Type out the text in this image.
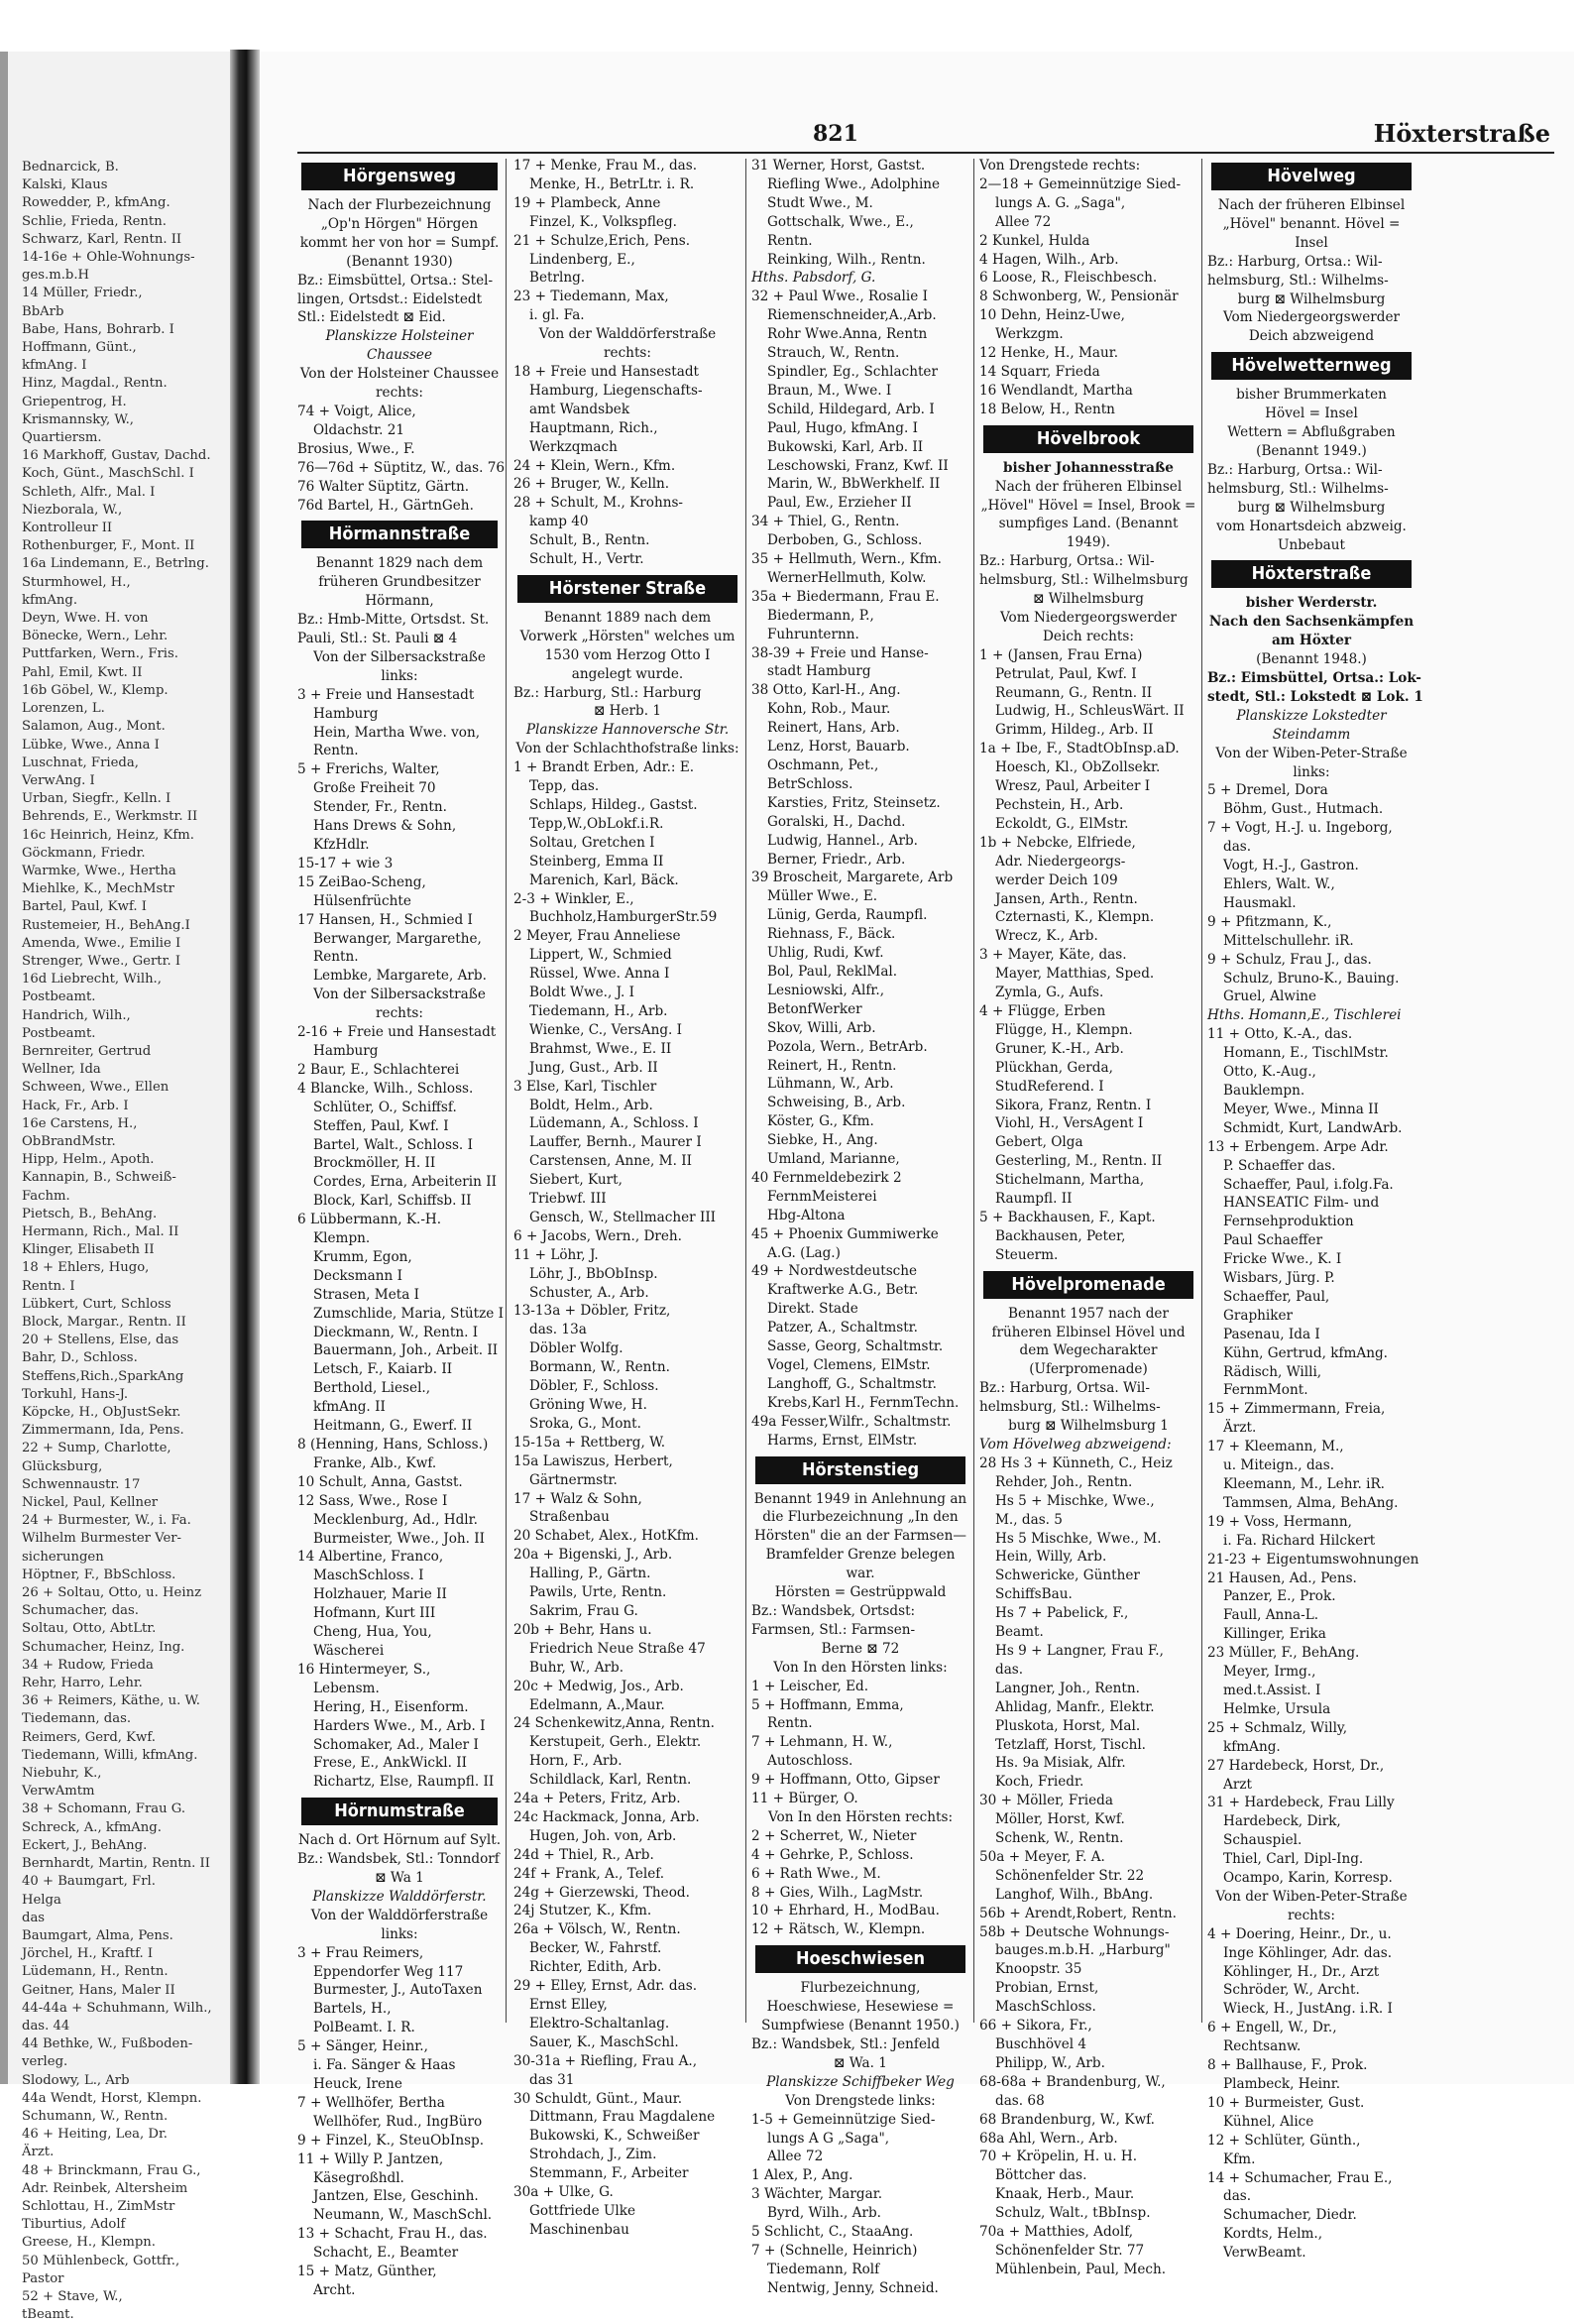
821	Höxterstraße
Bednarcick, B.
Kalski, Klaus
Rowedder, P., kfmAng.
Schlie, Frieda, Rentn.
Schwarz, Karl, Rentn. II
14-16e + Ohle-Wohnungs-
ges.m.b.H
14 Müller, Friedr.,
BbArb
Babe, Hans, Bohrarb. I
Hoffmann, Günt.,
kfmAng. I
Hinz, Magdal., Rentn.
Griepentrog, H.
Krismannsky, W.,
Quartiersm.
16 Markhoff, Gustav, Dachd.
Koch, Günt., MaschSchl. I
Schleth, Alfr., Mal. I
Niezborala, W.,
Kontrolleur II
Rothenburger, F., Mont. II
16a Lindemann, E., Betrlng.
Sturmhowel, H.,
kfmAng.
Deyn, Wwe. H. von
Bönecke, Wern., Lehr.
Puttfarken, Wern., Fris.
Pahl, Emil, Kwt. II
16b Göbel, W., Klemp.
Lorenzen, L.
Salamon, Aug., Mont.
Lübke, Wwe., Anna I
Luschnat, Frieda,
VerwAng. I
Urban, Siegfr., Kelln. I
Behrends, E., Werkmstr. II
16c Heinrich, Heinz, Kfm.
Göckmann, Friedr.
Warmke, Wwe., Hertha
Miehlke, K., MechMstr
Bartel, Paul, Kwf. I
Rustemeier, H., BehAng.I
Amenda, Wwe., Emilie I
Strenger, Wwe., Gertr. I
16d Liebrecht, Wilh.,
Postbeamt.
Handrich, Wilh.,
Postbeamt.
Bernreiter, Gertrud
Wellner, Ida
Schween, Wwe., Ellen
Hack, Fr., Arb. I
16e Carstens, H.,
ObBrandMstr.
Hipp, Helm., Apoth.
Kannapin, B., Schweiß-
Fachm.
Pietsch, B., BehAng.
Hermann, Rich., Mal. II
Klinger, Elisabeth II
18 + Ehlers, Hugo,
Rentn. I
Lübkert, Curt, Schloss
Block, Margar., Rentn. II
20 + Stellens, Else, das
Bahr, D., Schloss.
Steffens,Rich.,SparkAng
Torkuhl, Hans-J.
Köpcke, H., ObJustSekr.
Zimmermann, Ida, Pens.
22 + Sump, Charlotte,
Glücksburg,
Schwennaustr. 17
Nickel, Paul, Kellner
24 + Burmester, W., i. Fa.
Wilhelm Burmester Ver-
sicherungen
Höptner, F., BbSchloss.
26 + Soltau, Otto, u. Heinz
Schumacher, das.
Soltau, Otto, AbtLtr.
Schumacher, Heinz, Ing.
34 + Rudow, Frieda
Rehr, Harro, Lehr.
36 + Reimers, Käthe, u. W.
Tiedemann, das.
Reimers, Gerd, Kwf.
Tiedemann, Willi, kfmAng.
Niebuhr, K.,
VerwAmtm
38 + Schomann, Frau G.
Schreck, A., kfmAng.
Eckert, J., BehAng.
Bernhardt, Martin, Rentn. II
40 + Baumgart, Frl.
Helga
das
Baumgart, Alma, Pens.
Jörchel, H., Kraftf. I
Lüdemann, H., Rentn.
Geitner, Hans, Maler II
44-44a + Schuhmann, Wilh.,
das. 44
44 Bethke, W., Fußboden-
verleg.
Slodowy, L., Arb
44a Wendt, Horst, Klempn.
Schumann, W., Rentn.
46 + Heiting, Lea, Dr.
Ärzt.
48 + Brinckmann, Frau G.,
Adr. Reinbek, Altersheim
Schlottau, H., ZimMstr
Tiburtius, Adolf
Greese, H., Klempn.
50 Mühlenbeck, Gottfr.,
Pastor
52 + Stave, W.,
tBeamt.
Hörgensweg
Nach der Flurbezeichnung „Op'n Hörgen" Hörgen kommt her von hor = Sumpf. (Benannt 1930)
Bz.: Eimsbüttel, Ortsa.: Stel-
lingen, Ortsdst.: Eidelstedt
Stl.: Eidelstedt ⊠ Eid.
Planskizze Holsteiner Chaussee
Von der Holsteiner Chaussee rechts:
74 + Voigt, Alice,
Oldachstr. 21
Brosius, Wwe., F.
76—76d + Süptitz, W., das. 76
76 Walter Süptitz, Gärtn.
76d Bartel, H., GärtnGeh.
Hörmannstraße
Benannt 1829 nach dem früheren Grundbesitzer Hörmann,
Bz.: Hmb-Mitte, Ortsdst. St.
Pauli, Stl.: St. Pauli ⊠ 4
Von der Silbersackstraße links:
3 + Freie und Hansestadt
Hamburg
Hein, Martha Wwe. von,
Rentn.
5 + Frerichs, Walter,
Große Freiheit 70
Stender, Fr., Rentn.
Hans Drews & Sohn,
KfzHdlr.
15-17 + wie 3
15 ZeiBao-Scheng,
Hülsenfrüchte
17 Hansen, H., Schmied I
Berwanger, Margarethe,
Rentn.
Lembke, Margarete, Arb.
Von der Silbersackstraße rechts:
2-16 + Freie und Hansestadt
Hamburg
2 Baur, E., Schlachterei
4 Blancke, Wilh., Schloss.
Schlüter, O., Schiffsf.
Steffen, Paul, Kwf. I
Bartel, Walt., Schloss. I
Brockmöller, H. II
Cordes, Erna, Arbeiterin II
Block, Karl, Schiffsb. II
6 Lübbermann, K.-H.
Klempn.
Krumm, Egon,
Decksmann I
Strasen, Meta I
Zumschlide, Maria, Stütze I
Dieckmann, W., Rentn. I
Bauermann, Joh., Arbeit. II
Letsch, F., Kaiarb. II
Berthold, Liesel.,
kfmAng. II
Heitmann, G., Ewerf. II
8 (Henning, Hans, Schloss.)
Franke, Alb., Kwf.
10 Schult, Anna, Gastst.
12 Sass, Wwe., Rose I
Mecklenburg, Ad., Hdlr.
Burmeister, Wwe., Joh. II
14 Albertine, Franco,
MaschSchloss. I
Holzhauer, Marie II
Hofmann, Kurt III
Cheng, Hua, You,
Wäscherei
16 Hintermeyer, S.,
Lebensm.
Hering, H., Eisenform.
Harders Wwe., M., Arb. I
Schomaker, Ad., Maler I
Frese, E., AnkWickl. II
Richartz, Else, Raumpfl. II
Hörnumstraße
Nach d. Ort Hörnum auf Sylt.
Bz.: Wandsbek, Stl.: Tonndorf
⊠ Wa 1
Planskizze Walddörferstr.
Von der Walddörferstraße links:
3 + Frau Reimers,
Eppendorfer Weg 117
Burmester, J., AutoTaxen
Bartels, H.,
PolBeamt. I. R.
5 + Sänger, Heinr.,
i. Fa. Sänger & Haas
Heuck, Irene
7 + Wellhöfer, Bertha
Wellhöfer, Rud., IngBüro
9 + Finzel, K., SteuObInsp.
11 + Willy P. Jantzen,
Käsegroßhdl.
Jantzen, Else, Geschinh.
Neumann, W., MaschSchl.
13 + Schacht, Frau H., das.
Schacht, E., Beamter
15 + Matz, Günther,
Archt.
17 + Menke, Frau M., das.
Menke, H., BetrLtr. i. R.
19 + Plambeck, Anne
Finzel, K., Volkspfleg.
21 + Schulze,Erich, Pens.
Lindenberg, E.,
Betrlng.
23 + Tiedemann, Max,
i. gl. Fa.
Von der Walddörferstraße rechts:
18 + Freie und Hansestadt
Hamburg, Liegenschafts-
amt Wandsbek
Hauptmann, Rich.,
Werkzqmach
24 + Klein, Wern., Kfm.
26 + Bruger, W., Kelln.
28 + Schult, M., Krohns-
kamp 40
Schult, B., Rentn.
Schult, H., Vertr.
Hörstener Straße
Benannt 1889 nach dem Vorwerk „Hörsten" welches um 1530 vom Herzog Otto I angelegt wurde.
Bz.: Harburg, Stl.: Harburg
⊠ Herb. 1
Planskizze Hannoversche Str.
Von der Schlachthofstraße links:
1 + Brandt Erben, Adr.: E.
Tepp, das.
Schlaps, Hildeg., Gastst.
Tepp,W.,ObLokf.i.R.
Soltau, Gretchen I
Steinberg, Emma II
Marenich, Karl, Bäck.
2-3 + Winkler, E.,
Buchholz,HamburgerStr.59
2 Meyer, Frau Anneliese
Lippert, W., Schmied
Rüssel, Wwe. Anna I
Boldt Wwe., J. I
Tiedemann, H., Arb.
Wienke, C., VersAng. I
Brahmst, Wwe., E. II
Jung, Gust., Arb. II
3 Else, Karl, Tischler
Boldt, Helm., Arb.
Lüdemann, A., Schloss. I
Lauffer, Bernh., Maurer I
Carstensen, Anne, M. II
Siebert, Kurt,
Triebwf. III
Gensch, W., Stellmacher III
6 + Jacobs, Wern., Dreh.
11 + Löhr, J.
Löhr, J., BbObInsp.
Schuster, A., Arb.
13-13a + Döbler, Fritz,
das. 13a
Döbler Wolfg.
Bormann, W., Rentn.
Döbler, F., Schloss.
Gröning Wwe, H.
Sroka, G., Mont.
15-15a + Rettberg, W.
15a Lawiszus, Herbert,
Gärtnermstr.
17 + Walz & Sohn,
Straßenbau
20 Schabet, Alex., HotKfm.
20a + Bigenski, J., Arb.
Halling, P., Gärtn.
Pawils, Urte, Rentn.
Sakrim, Frau G.
20b + Behr, Hans u.
Friedrich Neue Straße 47
Buhr, W., Arb.
20c + Medwig, Jos., Arb.
Edelmann, A.,Maur.
24 Schenkewitz,Anna, Rentn.
Kerstupeit, Gerh., Elektr.
Horn, F., Arb.
Schildlack, Karl, Rentn.
24a + Peters, Fritz, Arb.
24c Hackmack, Jonna, Arb.
Hugen, Joh. von, Arb.
24d + Thiel, R., Arb.
24f + Frank, A., Telef.
24g + Gierzewski, Theod.
24j Stutzer, K., Kfm.
26a + Völsch, W., Rentn.
Becker, W., Fahrstf.
Richter, Edith, Arb.
29 + Elley, Ernst, Adr. das.
Ernst Elley,
Elektro-Schaltanlag.
Sauer, K., MaschSchl.
30-31a + Riefling, Frau A.,
das 31
30 Schuldt, Günt., Maur.
Dittmann, Frau Magdalene
Bukowski, K., Schweißer
Strohdach, J., Zim.
Stemmann, F., Arbeiter
30a + Ulke, G.
Gottfriede Ulke
Maschinenbau
31 Werner, Horst, Gastst.
Riefling Wwe., Adolphine
Studt Wwe., M.
Gottschalk, Wwe., E.,
Rentn.
Reinking, Wilh., Rentn.
Hths. Pabsdorf, G.
32 + Paul Wwe., Rosalie I
Riemenschneider,A.,Arb.
Rohr Wwe.Anna, Rentn
Strauch, W., Rentn.
Spindler, Eg., Schlachter
Braun, M., Wwe. I
Schild, Hildegard, Arb. I
Paul, Hugo, kfmAng. I
Bukowski, Karl, Arb. II
Leschowski, Franz, Kwf. II
Marin, W., BbWerkhelf. II
Paul, Ew., Erzieher II
34 + Thiel, G., Rentn.
Derboben, G., Schloss.
35 + Hellmuth, Wern., Kfm.
WernerHellmuth, Kolw.
35a + Biedermann, Frau E.
Biedermann, P.,
Fuhrunternn.
38-39 + Freie und Hanse-
stadt Hamburg
38 Otto, Karl-H., Ang.
Kohn, Rob., Maur.
Reinert, Hans, Arb.
Lenz, Horst, Bauarb.
Oschmann, Pet.,
BetrSchloss.
Karsties, Fritz, Steinsetz.
Goralski, H., Dachd.
Ludwig, Hannel., Arb.
Berner, Friedr., Arb.
39 Broscheit, Margarete, Arb
Müller Wwe., E.
Lünig, Gerda, Raumpfl.
Riehnass, F., Bäck.
Uhlig, Rudi, Kwf.
Bol, Paul, ReklMal.
Lesniowski, Alfr.,
BetonfWerker
Skov, Willi, Arb.
Pozola, Wern., BetrArb.
Reinert, H., Rentn.
Lühmann, W., Arb.
Schweising, B., Arb.
Köster, G., Kfm.
Siebke, H., Ang.
Umland, Marianne,
40 Fernmeldebezirk 2
FernmMeisterei
Hbg-Altona
45 + Phoenix Gummiwerke
A.G. (Lag.)
49 + Nordwestdeutsche
Kraftwerke A.G., Betr.
Direkt. Stade
Patzer, A., Schaltmstr.
Sasse, Georg, Schaltmstr.
Vogel, Clemens, ElMstr.
Langhoff, G., Schaltmstr.
Krebs,Karl H., FernmTechn.
49a Fesser,Wilfr., Schaltmstr.
Harms, Ernst, ElMstr.
Hörstenstieg
Benannt 1949 in Anlehnung an die Flurbezeichnung „In den Hörsten" die an der Farmsen—Bramfelder Grenze belegen war.
Hörsten = Gestrüppwald
Bz.: Wandsbek, Ortsdst:
Farmsen, Stl.: Farmsen-
Berne ⊠ 72
Von In den Hörsten links:
1 + Leischer, Ed.
5 + Hoffmann, Emma,
Rentn.
7 + Lehmann, H. W.,
Autoschloss.
9 + Hoffmann, Otto, Gipser
11 + Bürger, O.
Von In den Hörsten rechts:
2 + Scherret, W., Nieter
4 + Gehrke, P., Schloss.
6 + Rath Wwe., M.
8 + Gies, Wilh., LagMstr.
10 + Ehrhard, H., ModBau.
12 + Rätsch, W., Klempn.
Hoeschwiesen
Flurbezeichnung, Hoeschwiese, Hesewiese = Sumpfwiese (Benannt 1950.)
Bz.: Wandsbek, Stl.: Jenfeld
⊠ Wa. 1
Planskizze Schiffbeker Weg
Von Drengstede links:
1-5 + Gemeinnützige Sied-
lungs A G „Saga",
Allee 72
1 Alex, P., Ang.
3 Wächter, Margar.
Byrd, Wilh., Arb.
5 Schlicht, C., StaaAng.
7 + (Schnelle, Heinrich)
Tiedemann, Rolf
Nentwig, Jenny, Schneid.
Von Drengstede rechts:
2—18 + Gemeinnützige Sied-
lungs A. G. „Saga",
Allee 72
2 Kunkel, Hulda
4 Hagen, Wilh., Arb.
6 Loose, R., Fleischbesch.
8 Schwonberg, W., Pensionär
10 Dehn, Heinz-Uwe,
Werkzgm.
12 Henke, H., Maur.
14 Squarr, Frieda
16 Wendlandt, Martha
18 Below, H., Rentn
Hövelbrook
bisher Johannesstraße
Nach der früheren Elbinsel „Hövel" Hövel = Insel, Brook = sumpfiges Land. (Benannt 1949).
Bz.: Harburg, Ortsa.: Wil-
helmsburg, Stl.: Wilhelmsburg
⊠ Wilhelmsburg
Vom Niedergeorgswerder Deich rechts:
1 + (Jansen, Frau Erna)
Petrulat, Paul, Kwf. I
Reumann, G., Rentn. II
Ludwig, H., SchleusWärt. II
Grimm, Hildeg., Arb. II
1a + Ibe, F., StadtObInsp.aD.
Hoesch, Kl., ObZollsekr.
Wresz, Paul, Arbeiter I
Pechstein, H., Arb.
Eckoldt, G., ElMstr.
1b + Nebcke, Elfriede,
Adr. Niedergeorgs-
werder Deich 109
Jansen, Arth., Rentn.
Czternasti, K., Klempn.
Wrecz, K., Arb.
3 + Mayer, Käte, das.
Mayer, Matthias, Sped.
Zymla, G., Aufs.
4 + Flügge, Erben
Flügge, H., Klempn.
Gruner, K.-H., Arb.
Plückhan, Gerda,
StudReferend. I
Sikora, Franz, Rentn. I
Viohl, H., VersAgent I
Gebert, Olga
Gesterling, M., Rentn. II
Stichelmann, Martha,
Raumpfl. II
5 + Backhausen, F., Kapt.
Backhausen, Peter,
Steuerm.
Hövelpromenade
Benannt 1957 nach der früheren Elbinsel Hövel und dem Wegecharakter (Uferpromenade)
Bz.: Harburg, Ortsa. Wil-
helmsburg, Stl.: Wilhelms-
burg ⊠ Wilhelmsburg 1
Vom Hövelweg abzweigend:
28 Hs 3 + Künneth, C., Heiz
Rehder, Joh., Rentn.
Hs 5 + Mischke, Wwe.,
M., das. 5
Hs 5 Mischke, Wwe., M.
Hein, Willy, Arb.
Schwericke, Günther
SchiffsBau.
Hs 7 + Pabelick, F.,
Beamt.
Hs 9 + Langner, Frau F.,
das.
Langner, Joh., Rentn.
Ahlidag, Manfr., Elektr.
Pluskota, Horst, Mal.
Tetzlaff, Horst, Tischl.
Hs. 9a Misiak, Alfr.
Koch, Friedr.
30 + Möller, Frieda
Möller, Horst, Kwf.
Schenk, W., Rentn.
50a + Meyer, F. A.
Schönenfelder Str. 22
Langhof, Wilh., BbAng.
56b + Arendt,Robert, Rentn.
58b + Deutsche Wohnungs-
bauges.m.b.H. „Harburg"
Knoopstr. 35
Probian, Ernst,
MaschSchloss.
66 + Sikora, Fr.,
Buschhövel 4
Philipp, W., Arb.
68-68a + Brandenburg, W.,
das. 68
68 Brandenburg, W., Kwf.
68a Ahl, Wern., Arb.
70 + Kröpelin, H. u. H.
Böttcher das.
Knaak, Herb., Maur.
Schulz, Walt., tBbInsp.
70a + Matthies, Adolf,
Schönenfelder Str. 77
Mühlenbein, Paul, Mech.
Hövelweg
Nach der früheren Elbinsel „Hövel" benannt. Hövel = Insel
Bz.: Harburg, Ortsa.: Wil-
helmsburg, Stl.: Wilhelms-
burg ⊠ Wilhelmsburg
Vom Niedergeorgswerder Deich abzweigend
Hövelwetternweg
bisher Brummerkaten
Hövel = Insel
Wettern = Abflußgraben
(Benannt 1949.)
Bz.: Harburg, Ortsa.: Wil-
helmsburg, Stl.: Wilhelms-
burg ⊠ Wilhelmsburg
vom Honartsdeich abzweig. Unbebaut
Höxterstraße
bisher Werderstr.
Nach den Sachsenkämpfen am Höxter
(Benannt 1948.)
Bz.: Eimsbüttel, Ortsa.: Lok-
stedt, Stl.: Lokstedt ⊠ Lok. 1
Planskizze Lokstedter Steindamm
Von der Wiben-Peter-Straße links:
5 + Dremel, Dora
Böhm, Gust., Hutmach.
7 + Vogt, H.-J. u. Ingeborg,
das.
Vogt, H.-J., Gastron.
Ehlers, Walt. W.,
Hausmakl.
9 + Pfitzmann, K.,
Mittelschullehr. iR.
9 + Schulz, Frau J., das.
Schulz, Bruno-K., Bauing.
Gruel, Alwine
Hths. Homann,E., Tischlerei
11 + Otto, K.-A., das.
Homann, E., TischlMstr.
Otto, K.-Aug.,
Bauklempn.
Meyer, Wwe., Minna II
Schmidt, Kurt, LandwArb.
13 + Erbengem. Arpe Adr.
P. Schaeffer das.
Schaeffer, Paul, i.folg.Fa.
HANSEATIC Film- und
Fernsehproduktion
Paul Schaeffer
Fricke Wwe., K. I
Wisbars, Jürg. P.
Schaeffer, Paul,
Graphiker
Pasenau, Ida I
Kühn, Gertrud, kfmAng.
Rädisch, Willi,
FernmMont.
15 + Zimmermann, Freia,
Ärzt.
17 + Kleemann, M.,
u. Miteign., das.
Kleemann, M., Lehr. iR.
Tammsen, Alma, BehAng.
19 + Voss, Hermann,
i. Fa. Richard Hilckert
21-23 + Eigentumswohnungen
21 Hausen, Ad., Pens.
Panzer, E., Prok.
Faull, Anna-L.
Killinger, Erika
23 Müller, F., BehAng.
Meyer, Irmg.,
med.t.Assist. I
Helmke, Ursula
25 + Schmalz, Willy,
kfmAng.
27 Hardebeck, Horst, Dr.,
Arzt
31 + Hardebeck, Frau Lilly
Hardebeck, Dirk,
Schauspiel.
Thiel, Carl, Dipl-Ing.
Ocampo, Karin, Korresp.
Von der Wiben-Peter-Straße rechts:
4 + Doering, Heinr., Dr., u.
Inge Köhlinger, Adr. das.
Köhlinger, H., Dr., Arzt
Schröder, W., Archt.
Wieck, H., JustAng. i.R. I
6 + Engell, W., Dr.,
Rechtsanw.
8 + Ballhause, F., Prok.
Plambeck, Heinr.
10 + Burmeister, Gust.
Kühnel, Alice
12 + Schlüter, Günth.,
Kfm.
14 + Schumacher, Frau E.,
das.
Schumacher, Diedr.
Kordts, Helm.,
VerwBeamt.
